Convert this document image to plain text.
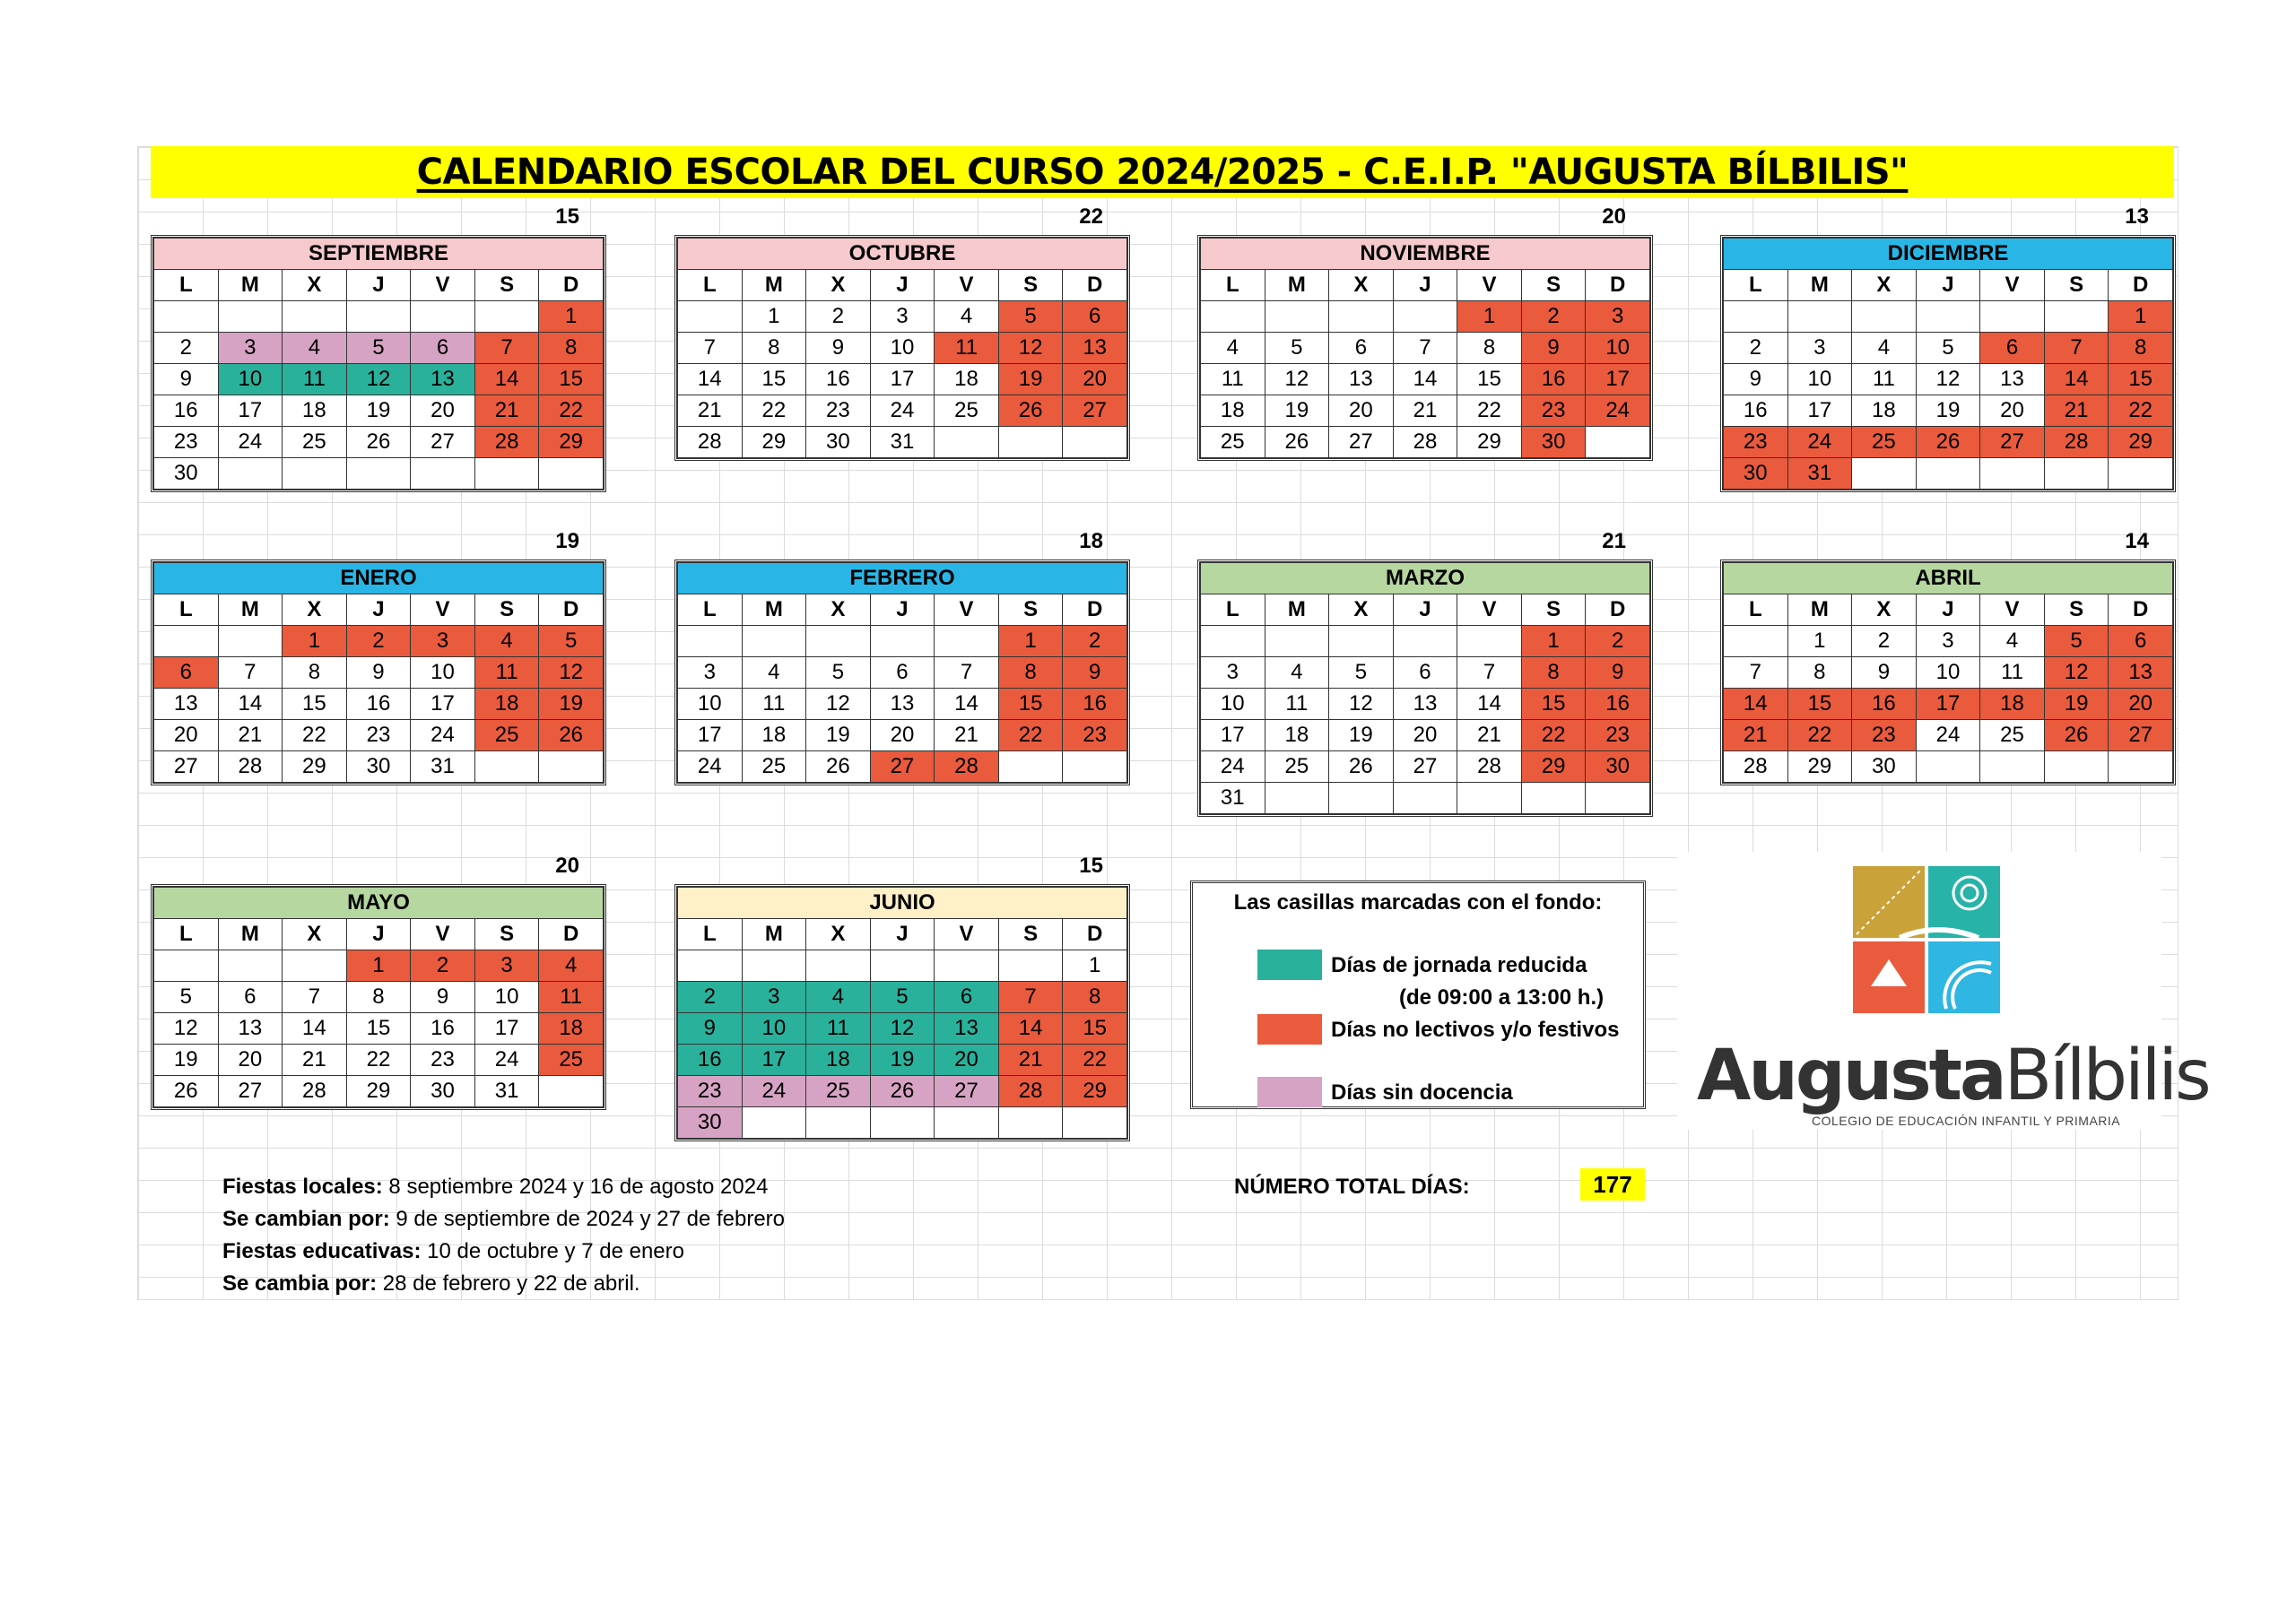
CALENDARIO ESCOLAR DEL CURSO 2024/2025 - C.E.I.P. "AUGUSTA BÍLBILIS"
15
SEPTIEMBRE						
L	M	X	J	V	S	D
						1
2	3	4	5	6	7	8
9	10	11	12	13	14	15
16	17	18	19	20	21	22
23	24	25	26	27	28	29
30						
22
OCTUBRE						
L	M	X	J	V	S	D
	1	2	3	4	5	6
7	8	9	10	11	12	13
14	15	16	17	18	19	20
21	22	23	24	25	26	27
28	29	30	31			
20
NOVIEMBRE						
L	M	X	J	V	S	D
				1	2	3
4	5	6	7	8	9	10
11	12	13	14	15	16	17
18	19	20	21	22	23	24
25	26	27	28	29	30	
13
DICIEMBRE						
L	M	X	J	V	S	D
						1
2	3	4	5	6	7	8
9	10	11	12	13	14	15
16	17	18	19	20	21	22
23	24	25	26	27	28	29
30	31					
19
ENERO						
L	M	X	J	V	S	D
		1	2	3	4	5
6	7	8	9	10	11	12
13	14	15	16	17	18	19
20	21	22	23	24	25	26
27	28	29	30	31		
18
FEBRERO						
L	M	X	J	V	S	D
					1	2
3	4	5	6	7	8	9
10	11	12	13	14	15	16
17	18	19	20	21	22	23
24	25	26	27	28		
21
MARZO						
L	M	X	J	V	S	D
					1	2
3	4	5	6	7	8	9
10	11	12	13	14	15	16
17	18	19	20	21	22	23
24	25	26	27	28	29	30
31						
14
ABRIL						
L	M	X	J	V	S	D
	1	2	3	4	5	6
7	8	9	10	11	12	13
14	15	16	17	18	19	20
21	22	23	24	25	26	27
28	29	30				
20
MAYO						
L	M	X	J	V	S	D
			1	2	3	4
5	6	7	8	9	10	11
12	13	14	15	16	17	18
19	20	21	22	23	24	25
26	27	28	29	30	31	
15
JUNIO						
L	M	X	J	V	S	D
						1
2	3	4	5	6	7	8
9	10	11	12	13	14	15
16	17	18	19	20	21	22
23	24	25	26	27	28	29
30						
Las casillas marcadas con el fondo:
Días de jornada reducida
(de 09:00 a 13:00 h.)
Días no lectivos y/o festivos
Días sin docencia
Fiestas locales: 8 septiembre 2024 y 16 de agosto 2024
Se cambian por: 9 de septiembre de 2024 y 27 de febrero
Fiestas educativas: 10 de octubre y 7 de enero
Se cambia por: 28 de febrero y 22 de abril.
NÚMERO TOTAL DÍAS:	177
AugustaBílbilis
COLEGIO DE EDUCACIÓN INFANTIL Y PRIMARIA
